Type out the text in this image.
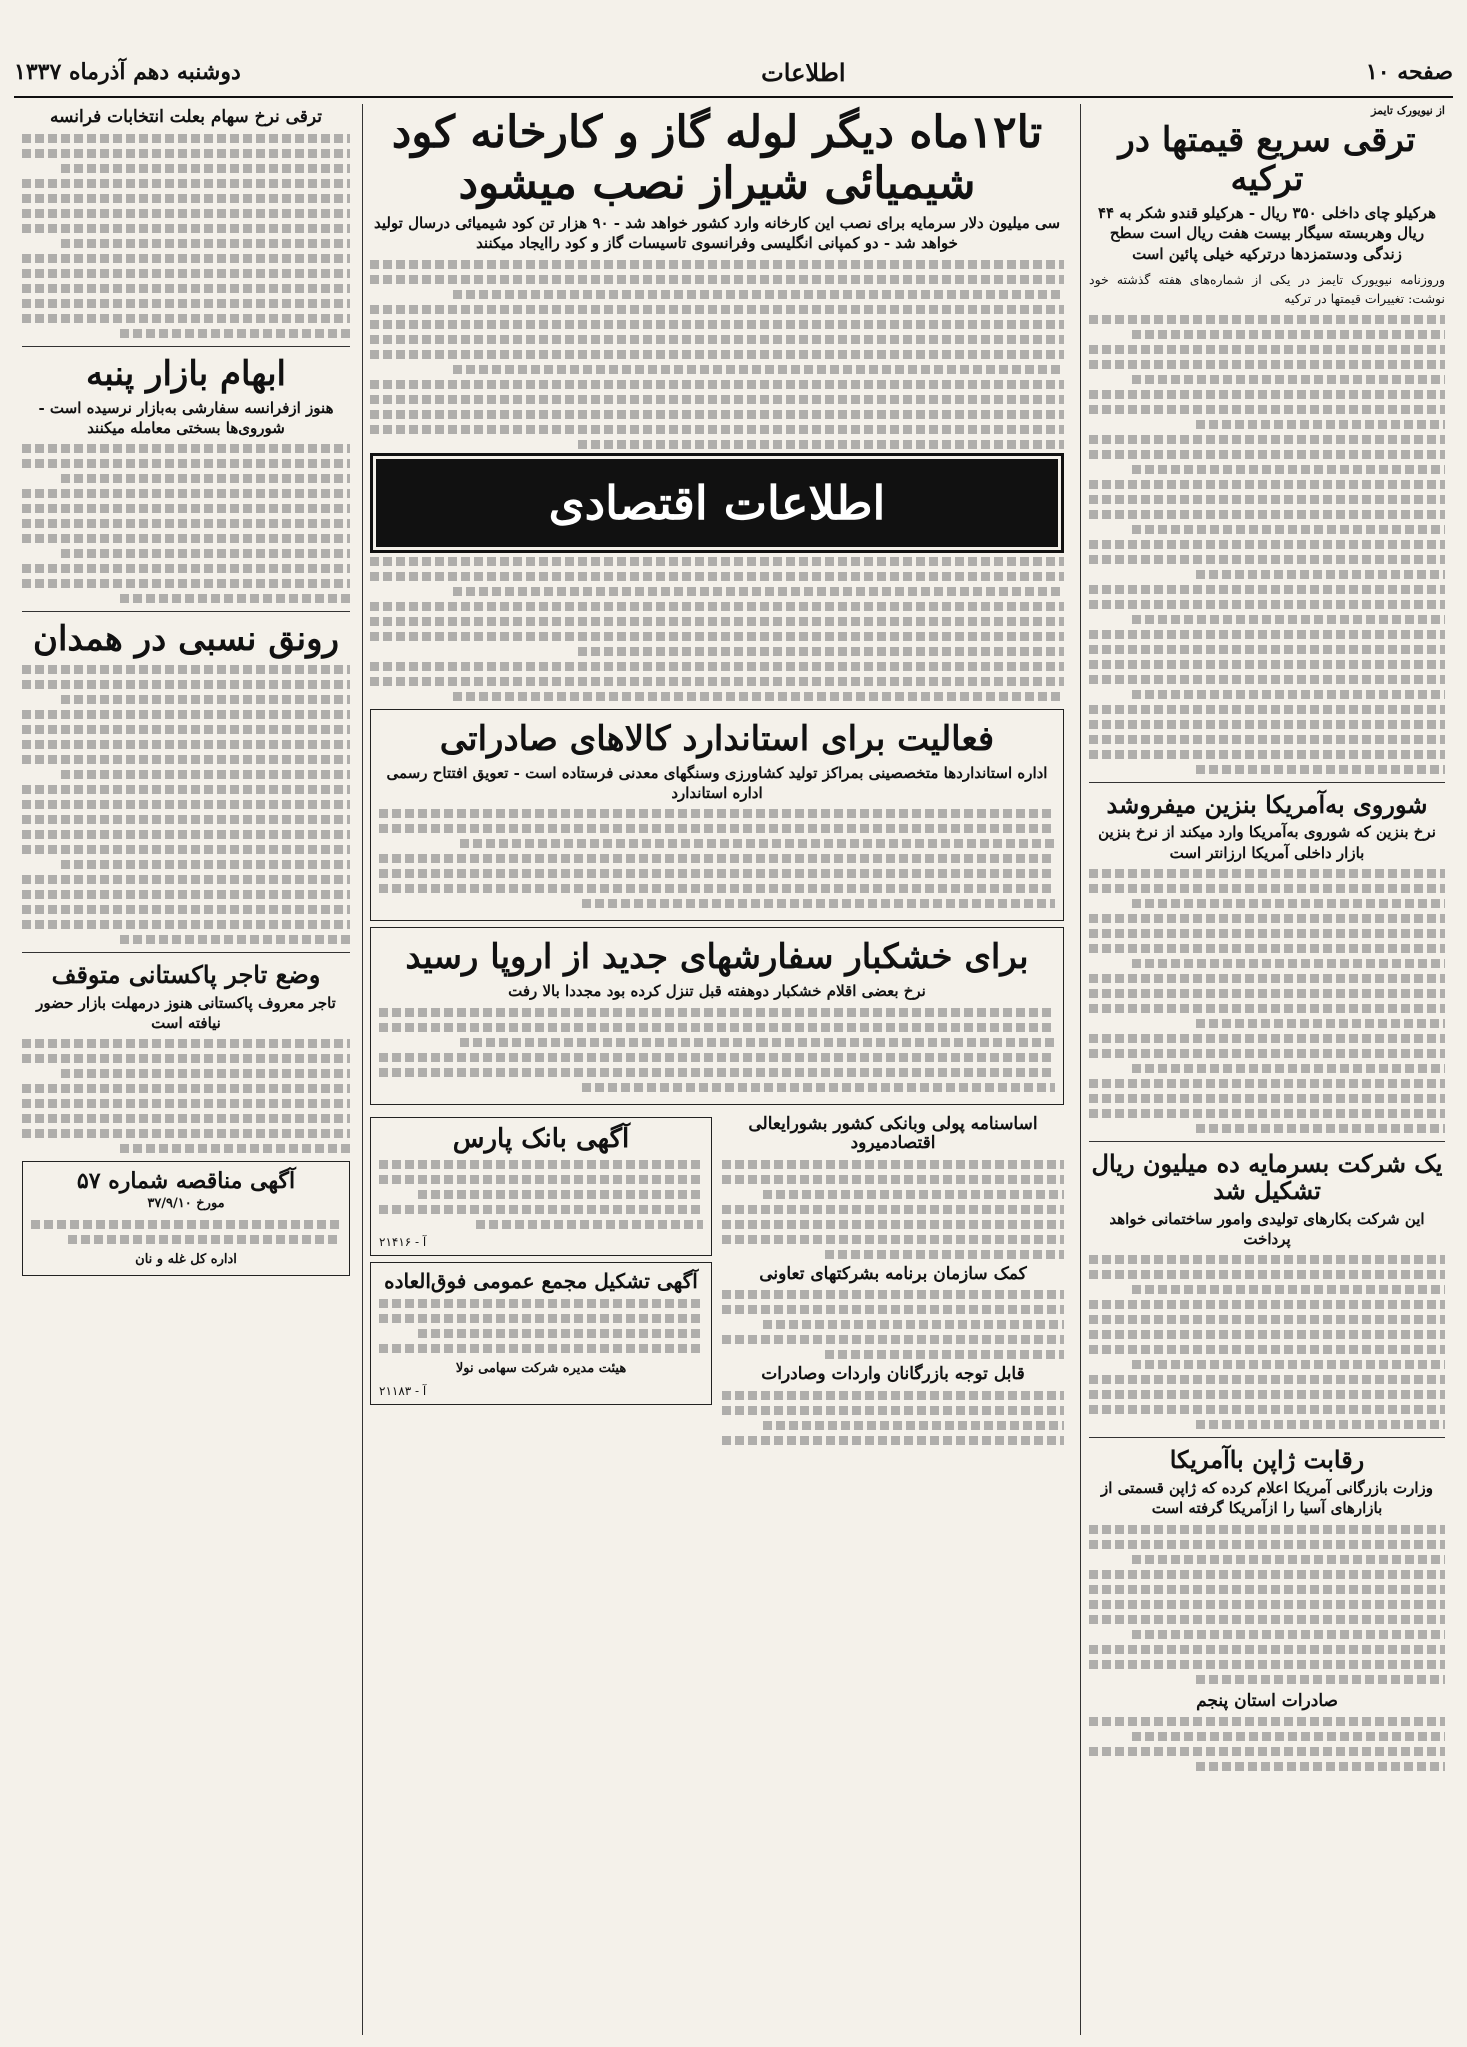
صفحه ۱۰
اطلاعات
دوشنبه دهم آذرماه ۱۳۳۷
از نیویورک تایمز
ترقی سریع قیمتها در ترکیه
هرکیلو چای داخلی ۳۵۰ ریال - هرکیلو قندو شکر به ۴۴ ریال وهربسته سیگار بیست هفت ریال است سطح زندگی ودستمزدها درترکیه خیلی پائین است
وروزنامه نیویورک تایمز در یکی از شماره‌های هفته گذشته خود نوشت: تغییرات قیمتها در ترکیه
شوروی به‌آمریکا بنزین میفروشد
نرخ بنزین که شوروی به‌آمریکا وارد میکند از نرخ بنزین بازار داخلی آمریکا ارزانتر است
یک شرکت بسرمایه ده میلیون ریال تشکیل شد
این شرکت بکارهای تولیدی وامور ساختمانی خواهد پرداخت
رقابت ژاپن باآمریکا
وزارت بازرگانی آمریکا اعلام کرده که ژاپن قسمتی از بازارهای آسیا را ازآمریکا گرفته است
صادرات استان پنجم
تا۱۲ماه دیگر لوله گاز و کارخانه کود شیمیائی شیراز نصب میشود
سی میلیون دلار سرمایه برای نصب این کارخانه وارد کشور خواهد شد - ۹۰ هزار تن کود شیمیائی درسال تولید خواهد شد - دو کمپانی انگلیسی وفرانسوی تاسیسات گاز و کود راایجاد میکنند
اطلاعات اقتصادی
فعالیت برای استاندارد کالاهای صادراتی
اداره استانداردها متخصصینی بمراکز تولید کشاورزی وسنگهای معدنی فرستاده است - تعویق افتتاح رسمی اداره استاندارد
برای خشکبار سفارشهای جدید از اروپا رسید
نرخ بعضی اقلام خشکبار دوهفته قبل تنزل کرده بود مجددا بالا رفت
اساسنامه پولی وبانکی کشور بشورایعالی اقتصادمیرود
کمک سازمان برنامه بشرکتهای تعاونی
قابل توجه بازرگانان واردات وصادرات
آگهی بانک پارس
۲۱۴۱۶ - آ
آگهی تشکیل مجمع عمومی فوق‌العاده
هیئت مدیره شرکت سهامی نولا
۲۱۱۸۳ - آ
ترقی نرخ سهام بعلت انتخابات فرانسه
ابهام بازار پنبه
هنوز ازفرانسه سفارشی به‌بازار نرسیده است - شوروی‌ها بسختی معامله میکنند
رونق نسبی در همدان
وضع تاجر پاکستانی متوقف
تاجر معروف پاکستانی هنوز درمهلت بازار حضور نیافته است
آگهی مناقصه شماره ۵۷
مورخ ۳۷/۹/۱۰
اداره کل غله و نان
